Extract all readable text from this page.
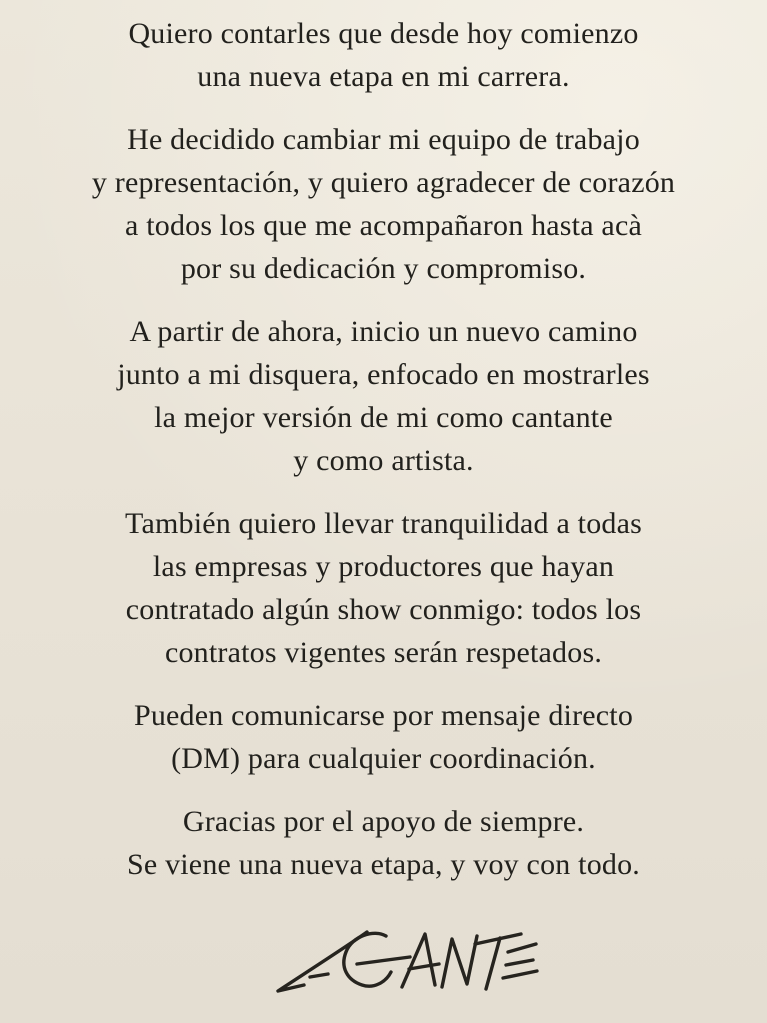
Quiero contarles que desde hoy comienzo
una nueva etapa en mi carrera.
He decidido cambiar mi equipo de trabajo
y representación, y quiero agradecer de corazón
a todos los que me acompañaron hasta acà
por su dedicación y compromiso.
A partir de ahora, inicio un nuevo camino
junto a mi disquera, enfocado en mostrarles
la mejor versión de mi como cantante
y como artista.
También quiero llevar tranquilidad a todas
las empresas y productores que hayan
contratado algún show conmigo: todos los
contratos vigentes serán respetados.
Pueden comunicarse por mensaje directo
(DM) para cualquier coordinación.
Gracias por el apoyo de siempre.
Se viene una nueva etapa, y voy con todo.
